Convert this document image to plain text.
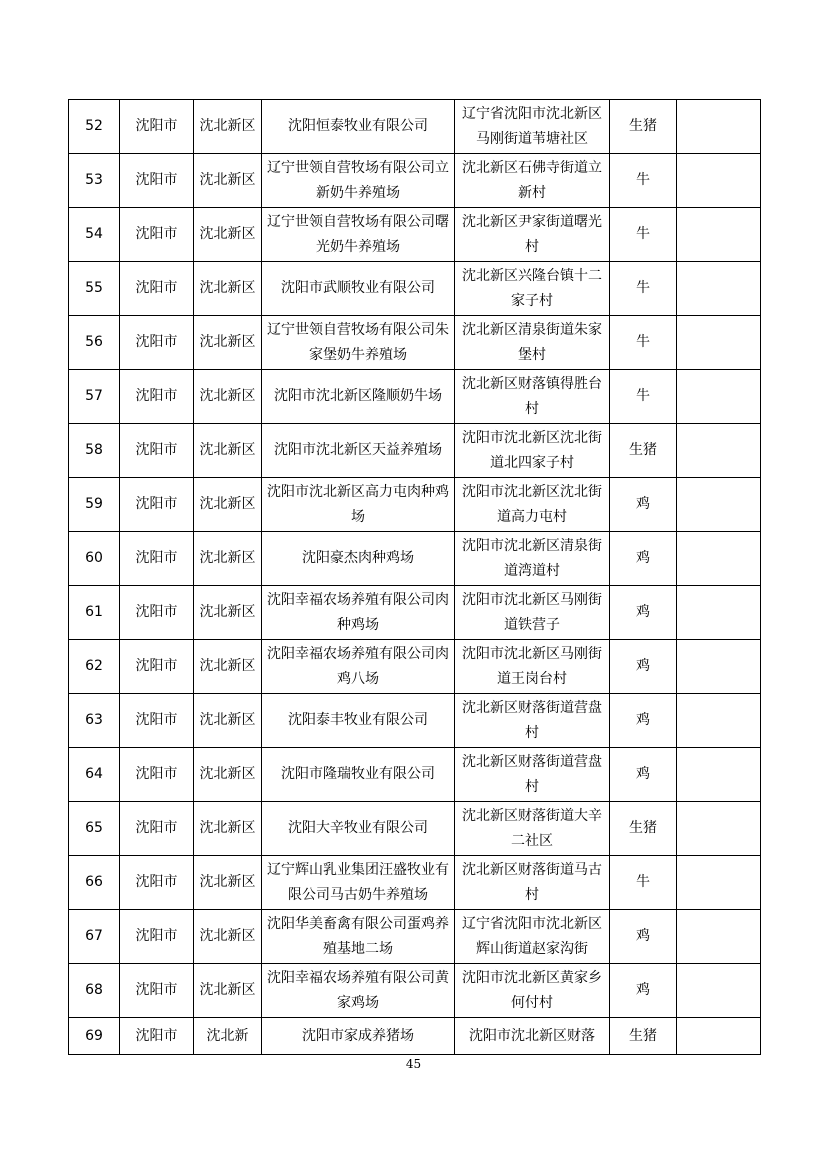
52	沈阳市	沈北新区	沈阳恒泰牧业有限公司	辽宁省沈阳市沈北新区马刚街道苇塘社区	生猪	
53	沈阳市	沈北新区	辽宁世领自营牧场有限公司立新奶牛养殖场	沈北新区石佛寺街道立新村	牛	
54	沈阳市	沈北新区	辽宁世领自营牧场有限公司曙光奶牛养殖场	沈北新区尹家街道曙光村	牛	
55	沈阳市	沈北新区	沈阳市武顺牧业有限公司	沈北新区兴隆台镇十二家子村	牛	
56	沈阳市	沈北新区	辽宁世领自营牧场有限公司朱家堡奶牛养殖场	沈北新区清泉街道朱家堡村	牛	
57	沈阳市	沈北新区	沈阳市沈北新区隆顺奶牛场	沈北新区财落镇得胜台村	牛	
58	沈阳市	沈北新区	沈阳市沈北新区天益养殖场	沈阳市沈北新区沈北街道北四家子村	生猪	
59	沈阳市	沈北新区	沈阳市沈北新区高力屯肉种鸡场	沈阳市沈北新区沈北街道高力屯村	鸡	
60	沈阳市	沈北新区	沈阳豪杰肉种鸡场	沈阳市沈北新区清泉街道湾道村	鸡	
61	沈阳市	沈北新区	沈阳幸福农场养殖有限公司肉种鸡场	沈阳市沈北新区马刚街道铁营子	鸡	
62	沈阳市	沈北新区	沈阳幸福农场养殖有限公司肉鸡八场	沈阳市沈北新区马刚街道王岗台村	鸡	
63	沈阳市	沈北新区	沈阳泰丰牧业有限公司	沈北新区财落街道营盘村	鸡	
64	沈阳市	沈北新区	沈阳市隆瑞牧业有限公司	沈北新区财落街道营盘村	鸡	
65	沈阳市	沈北新区	沈阳大辛牧业有限公司	沈北新区财落街道大辛二社区	生猪	
66	沈阳市	沈北新区	辽宁辉山乳业集团汪盛牧业有限公司马古奶牛养殖场	沈北新区财落街道马古村	牛	
67	沈阳市	沈北新区	沈阳华美畜禽有限公司蛋鸡养殖基地二场	辽宁省沈阳市沈北新区辉山街道赵家沟街	鸡	
68	沈阳市	沈北新区	沈阳幸福农场养殖有限公司黄家鸡场	沈阳市沈北新区黄家乡何付村	鸡	
69	沈阳市	沈北新	沈阳市家成养猪场	沈阳市沈北新区财落	生猪	
45
